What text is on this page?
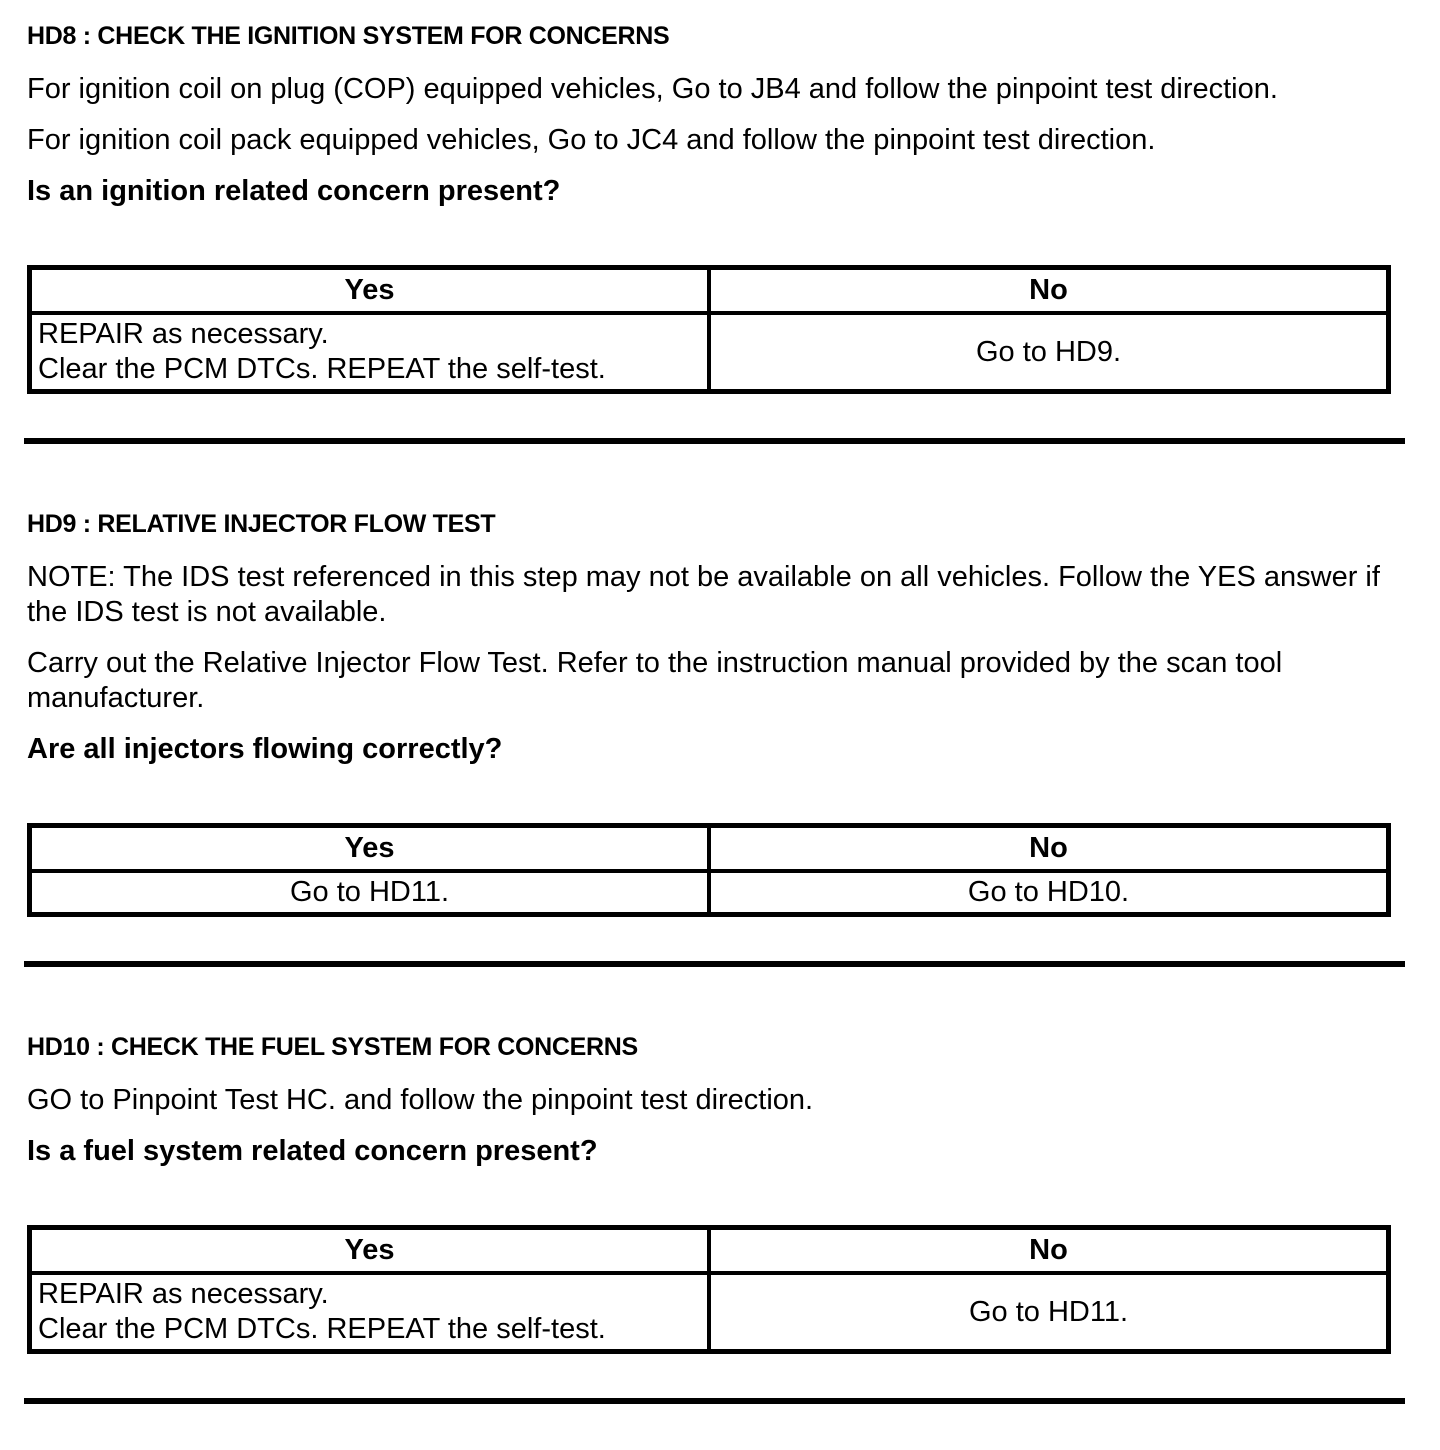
HD8 : CHECK THE IGNITION SYSTEM FOR CONCERNS

For ignition coil on plug (COP) equipped vehicles, Go to JB4 and follow the pinpoint test direction.

For ignition coil pack equipped vehicles, Go to JC4 and follow the pinpoint test direction.

Is an ignition related concern present?

Yes	No

REPAIR as necessary.
Clear the PCM DTCs. REPEAT the self-test.	Go to HD9.
HD9 : RELATIVE INJECTOR FLOW TEST

NOTE: The IDS test referenced in this step may not be available on all vehicles. Follow the YES answer if the IDS test is not available.

Carry out the Relative Injector Flow Test. Refer to the instruction manual provided by the scan tool manufacturer.

Are all injectors flowing correctly?

Yes	No
Go to HD11.	Go to HD10.
HD10 : CHECK THE FUEL SYSTEM FOR CONCERNS

GO to Pinpoint Test HC. and follow the pinpoint test direction.

Is a fuel system related concern present?

Yes	No

REPAIR as necessary.
Clear the PCM DTCs. REPEAT the self-test.	Go to HD11.
